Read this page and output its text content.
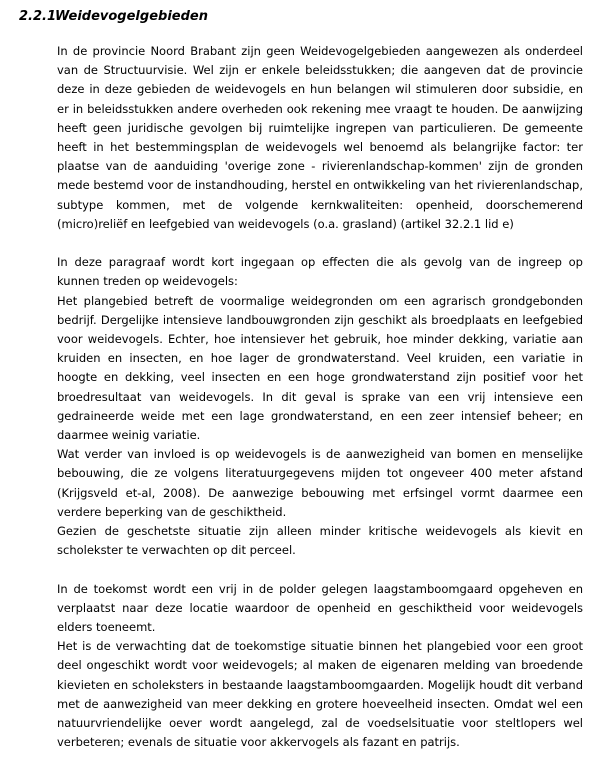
2.2.1Weidevogelgebieden

In de provincie Noord Brabant zijn geen Weidevogelgebieden aangewezen als onderdeel van de Structuurvisie. Wel zijn er enkele beleidsstukken; die aangeven dat de provincie deze in deze gebieden de weidevogels en hun belangen wil stimuleren door subsidie, en er in beleidsstukken andere overheden ook rekening mee vraagt te houden. De aanwijzing heeft geen juridische gevolgen bij ruimtelijke ingrepen van particulieren. De gemeente heeft in het bestemmingsplan de weidevogels wel benoemd als belangrijke factor: ter plaatse van de aanduiding 'overige zone - rivierenlandschap-kommen' zijn de gronden mede bestemd voor de instandhouding, herstel en ontwikkeling van het rivierenlandschap, subtype kommen, met de volgende kernkwaliteiten: openheid, doorschemerend (micro)reliëf en leefgebied van weidevogels (o.a. grasland) (artikel 32.2.1 lid e)

In deze paragraaf wordt kort ingegaan op effecten die als gevolg van de ingreep op kunnen treden op weidevogels:

Het plangebied betreft de voormalige weidegronden om een agrarisch grondgebonden bedrijf. Dergelijke intensieve landbouwgronden zijn geschikt als broedplaats en leefgebied voor weidevogels. Echter, hoe intensiever het gebruik, hoe minder dekking, variatie aan kruiden en insecten, en hoe lager de grondwaterstand. Veel kruiden, een variatie in hoogte en dekking, veel insecten en een hoge grondwaterstand zijn positief voor het broedresultaat van weidevogels. In dit geval is sprake van een vrij intensieve een gedraineerde weide met een lage grondwaterstand, en een zeer intensief beheer; en daarmee weinig variatie.

Wat verder van invloed is op weidevogels is de aanwezigheid van bomen en menselijke bebouwing, die ze volgens literatuurgegevens mijden tot ongeveer 400 meter afstand (Krijgsveld et-al, 2008). De aanwezige bebouwing met erfsingel vormt daarmee een verdere beperking van de geschiktheid.

Gezien de geschetste situatie zijn alleen minder kritische weidevogels als kievit en scholekster te verwachten op dit perceel.

In de toekomst wordt een vrij in de polder gelegen laagstamboomgaard opgeheven en verplaatst naar deze locatie waardoor de openheid en geschiktheid voor weidevogels elders toeneemt.

Het is de verwachting dat de toekomstige situatie binnen het plangebied voor een groot deel ongeschikt wordt voor weidevogels; al maken de eigenaren melding van broedende kievieten en scholeksters in bestaande laagstamboomgaarden. Mogelijk houdt dit verband met de aanwezigheid van meer dekking en grotere hoeveelheid insecten. Omdat wel een natuurvriendelijke oever wordt aangelegd, zal de voedselsituatie voor steltlopers wel verbeteren; evenals de situatie voor akkervogels als fazant en patrijs.
